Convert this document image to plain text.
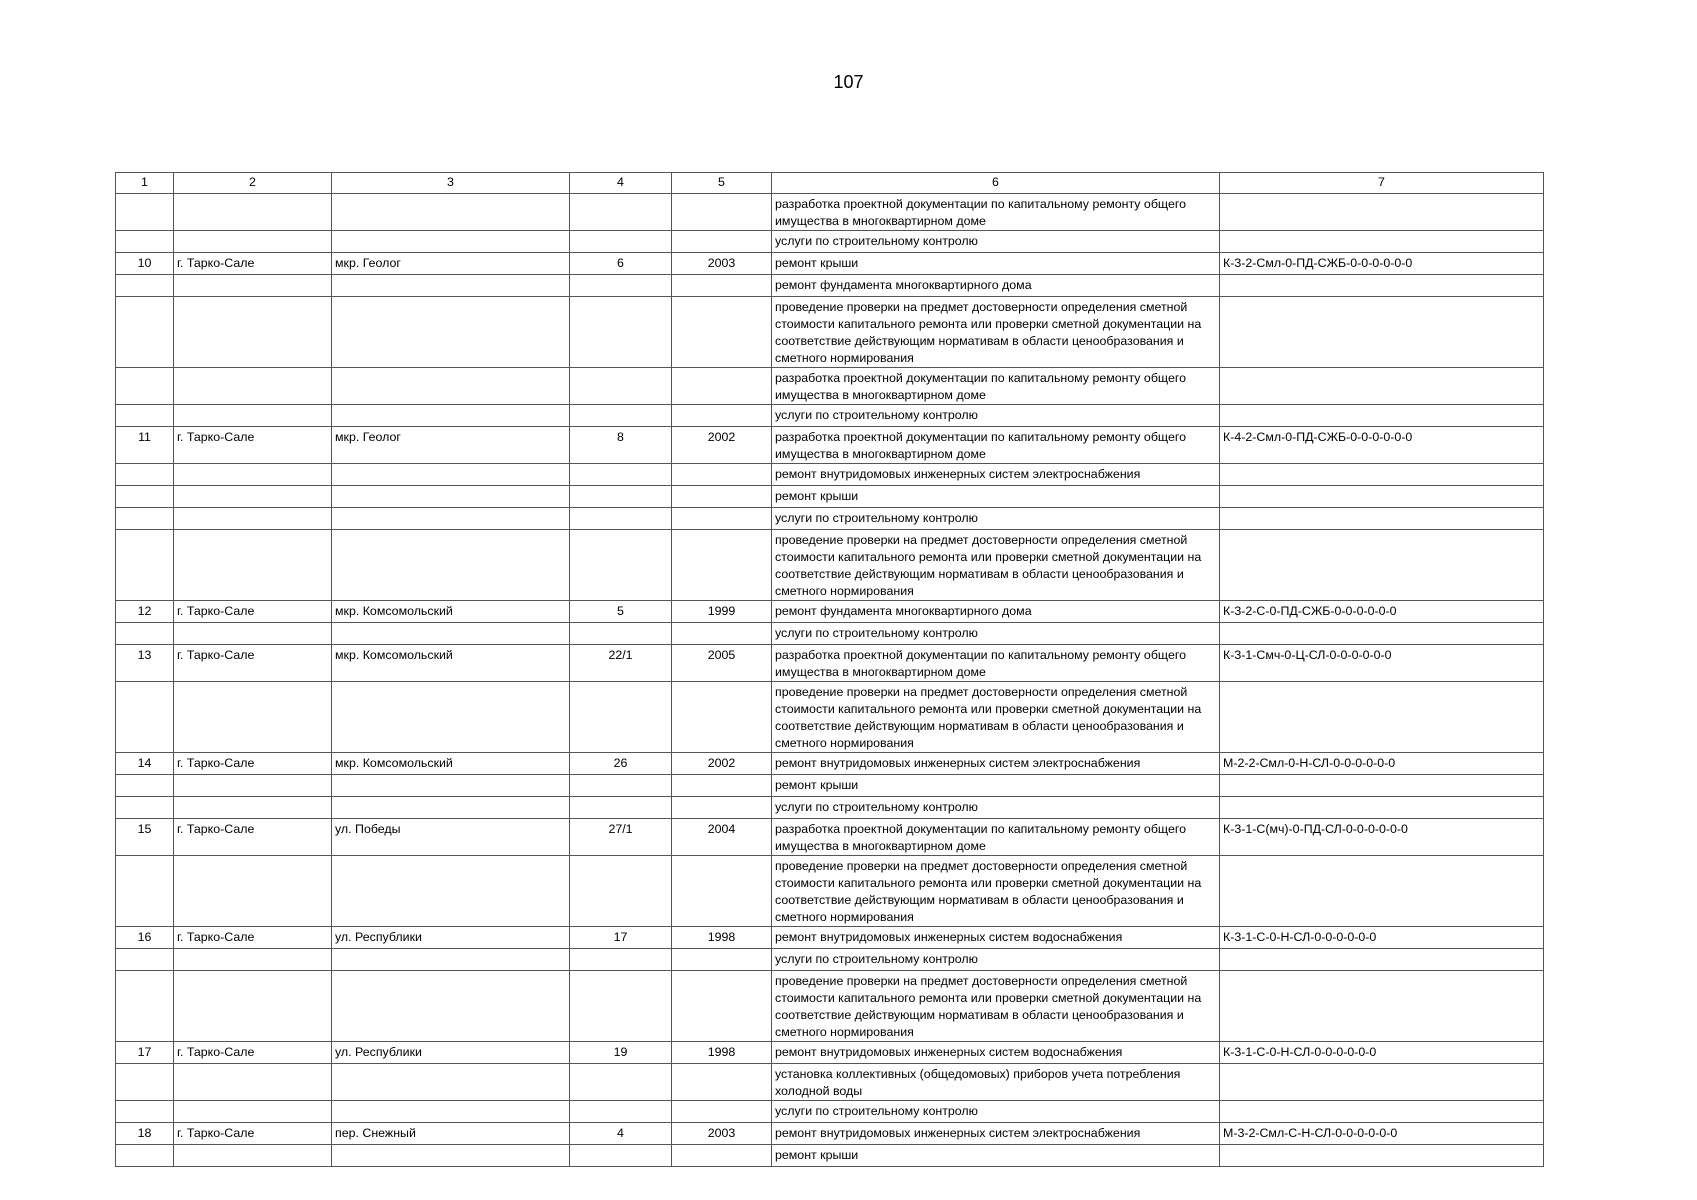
107
1	2	3	4	5	6	7
					разработка проектной документации по капитальному ремонту общего имущества в многоквартирном доме	
					услуги по строительному контролю	
10	г. Тарко-Сале	мкр. Геолог	6	2003	ремонт крыши	К-3-2-Смл-0-ПД-СЖБ-0-0-0-0-0-0
					ремонт фундамента многоквартирного дома	
					проведение проверки на предмет достоверности определения сметной стоимости капитального ремонта или проверки сметной документации на соответствие действующим нормативам в области ценообразования и сметного нормирования	
					разработка проектной документации по капитальному ремонту общего имущества в многоквартирном доме	
					услуги по строительному контролю	
11	г. Тарко-Сале	мкр. Геолог	8	2002	разработка проектной документации по капитальному ремонту общего имущества в многоквартирном доме	К-4-2-Смл-0-ПД-СЖБ-0-0-0-0-0-0
					ремонт внутридомовых инженерных систем электроснабжения	
					ремонт крыши	
					услуги по строительному контролю	
					проведение проверки на предмет достоверности определения сметной стоимости капитального ремонта или проверки сметной документации на соответствие действующим нормативам в области ценообразования и сметного нормирования	
12	г. Тарко-Сале	мкр. Комсомольский	5	1999	ремонт фундамента многоквартирного дома	К-3-2-С-0-ПД-СЖБ-0-0-0-0-0-0
					услуги по строительному контролю	
13	г. Тарко-Сале	мкр. Комсомольский	22/1	2005	разработка проектной документации по капитальному ремонту общего имущества в многоквартирном доме	К-3-1-Смч-0-Ц-СЛ-0-0-0-0-0-0
					проведение проверки на предмет достоверности определения сметной стоимости капитального ремонта или проверки сметной документации на соответствие действующим нормативам в области ценообразования и сметного нормирования	
14	г. Тарко-Сале	мкр. Комсомольский	26	2002	ремонт внутридомовых инженерных систем электроснабжения	М-2-2-Смл-0-Н-СЛ-0-0-0-0-0-0
					ремонт крыши	
					услуги по строительному контролю	
15	г. Тарко-Сале	ул. Победы	27/1	2004	разработка проектной документации по капитальному ремонту общего имущества в многоквартирном доме	К-3-1-С(мч)-0-ПД-СЛ-0-0-0-0-0-0
					проведение проверки на предмет достоверности определения сметной стоимости капитального ремонта или проверки сметной документации на соответствие действующим нормативам в области ценообразования и сметного нормирования	
16	г. Тарко-Сале	ул. Республики	17	1998	ремонт внутридомовых инженерных систем водоснабжения	К-3-1-С-0-Н-СЛ-0-0-0-0-0-0
					услуги по строительному контролю	
					проведение проверки на предмет достоверности определения сметной стоимости капитального ремонта или проверки сметной документации на соответствие действующим нормативам в области ценообразования и сметного нормирования	
17	г. Тарко-Сале	ул. Республики	19	1998	ремонт внутридомовых инженерных систем водоснабжения	К-3-1-С-0-Н-СЛ-0-0-0-0-0-0
					установка коллективных (общедомовых) приборов учета потребления холодной воды	
					услуги по строительному контролю	
18	г. Тарко-Сале	пер. Снежный	4	2003	ремонт внутридомовых инженерных систем электроснабжения	М-3-2-Смл-С-Н-СЛ-0-0-0-0-0-0
					ремонт крыши	
